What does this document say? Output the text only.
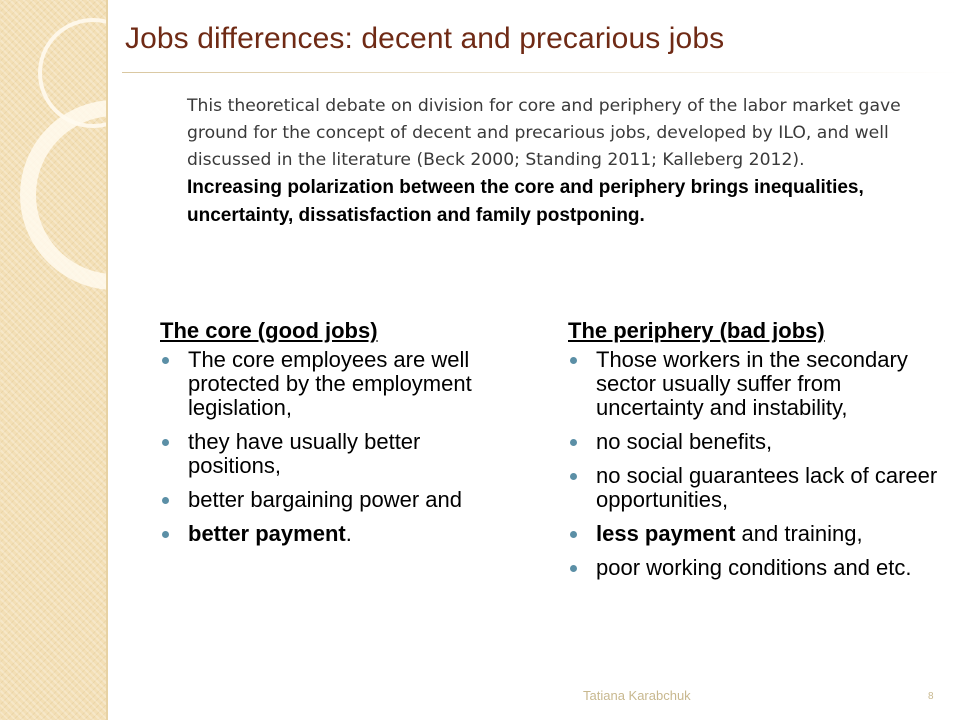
Jobs differences: decent and precarious jobs

This theoretical debate on division for core and periphery of the labor market gave ground for the concept of decent and precarious jobs, developed by ILO, and well discussed in the literature (Beck 2000; Standing 2011; Kalleberg 2012).

Increasing polarization between the core and periphery brings inequalities, uncertainty, dissatisfaction and family postponing.

The core (good jobs)
The core employees are well protected by the employment legislation,
they have usually better positions,
better bargaining power and
better payment.
The periphery (bad jobs)
Those workers in the secondary sector usually suffer from uncertainty and instability,
no social benefits,
no social guarantees lack of career opportunities,
less payment and training,
poor working conditions and etc.
Tatiana Karabchuk	8
